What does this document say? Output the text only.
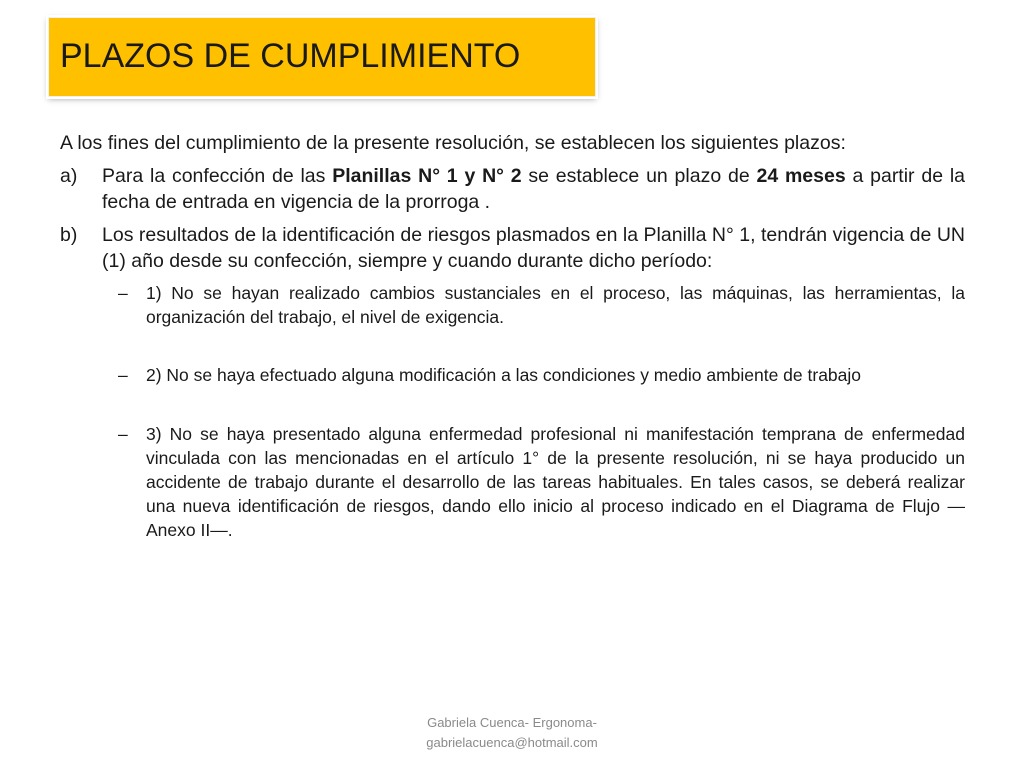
PLAZOS DE CUMPLIMIENTO

A los fines del cumplimiento de la presente resolución, se establecen los siguientes plazos:

a) Para la confección de las Planillas N° 1 y N° 2 se establece un plazo de 24 meses a partir de la fecha de entrada en vigencia de la prorroga .

b) Los resultados de la identificación de riesgos plasmados en la Planilla N° 1, tendrán vigencia de UN (1) año desde su confección, siempre y cuando durante dicho período:

– 1) No se hayan realizado cambios sustanciales en el proceso, las máquinas, las herramientas, la organización del trabajo, el nivel de exigencia.
– 2) No se haya efectuado alguna modificación a las condiciones y medio ambiente de trabajo
– 3) No se haya presentado alguna enfermedad profesional ni manifestación temprana de enfermedad vinculada con las mencionadas en el artículo 1° de la presente resolución, ni se haya producido un accidente de trabajo durante el desarrollo de las tareas habituales. En tales casos, se deberá realizar una nueva identificación de riesgos, dando ello inicio al proceso indicado en el Diagrama de Flujo —Anexo II—.
Gabriela Cuenca- Ergonoma-
gabrielacuenca@hotmail.com
